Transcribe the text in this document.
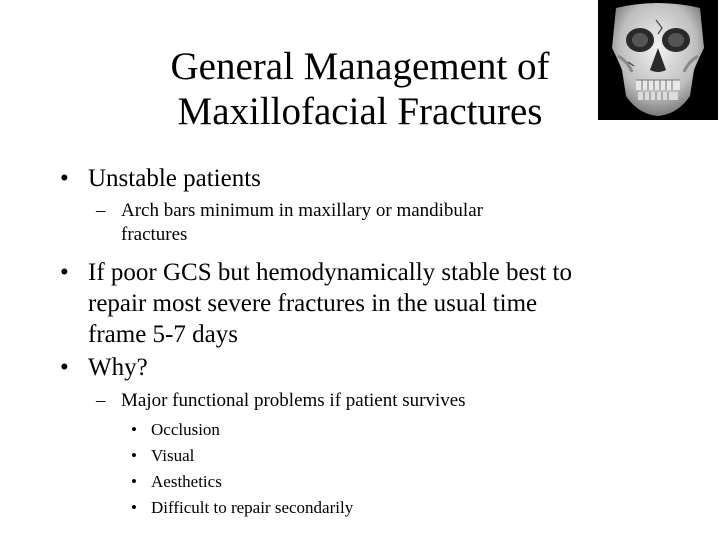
General Management of
Maxillofacial Fractures
• Unstable patients
– Arch bars minimum in maxillary or mandibular
fractures
• If poor GCS but hemodynamically stable best to
repair most severe fractures in the usual time
frame 5-7 days
• Why?
– Major functional problems if patient survives
• Occlusion
• Visual
• Aesthetics
• Difficult to repair secondarily
